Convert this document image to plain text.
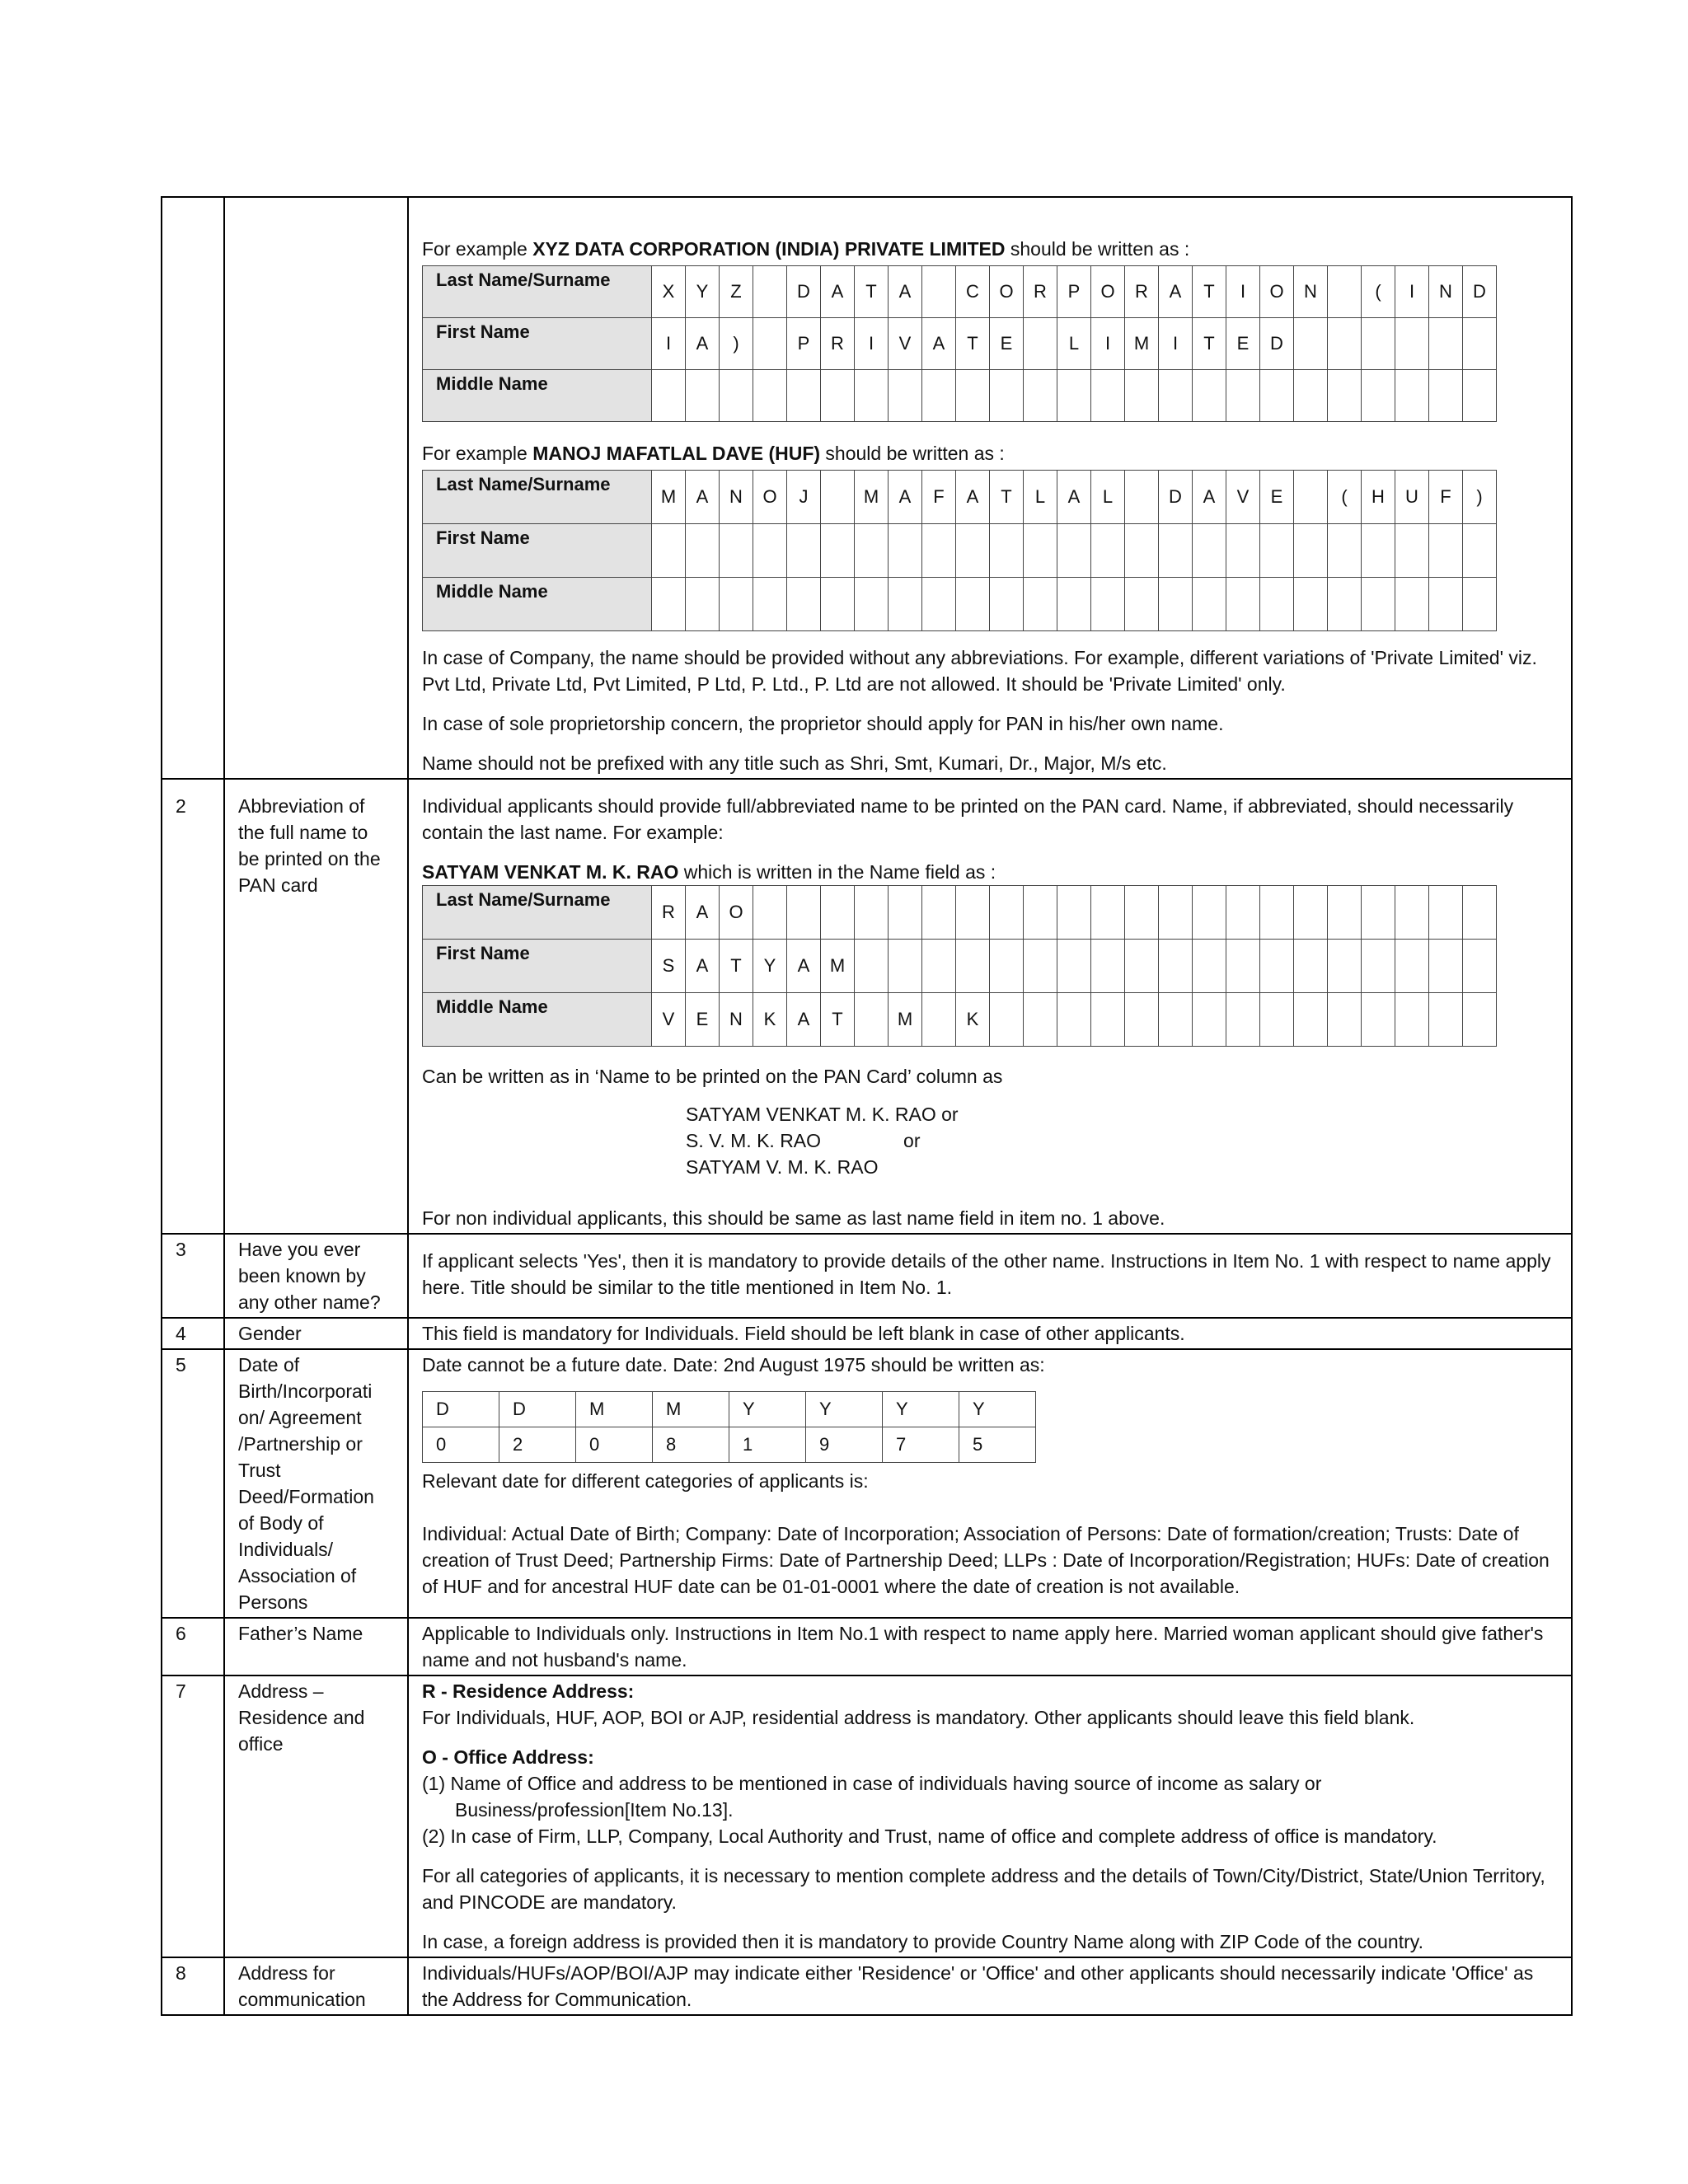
For example XYZ DATA CORPORATION (INDIA) PRIVATE LIMITED should be written as :

Last Name/Surname	X	Y	Z		D	A	T	A		C	O	R	P	O	R	A	T	I	O	N		(	I	N	D
First Name	I	A	)		P	R	I	V	A	T	E		L	I	M	I	T	E	D						
Middle Name																									

For example MANOJ MAFATLAL DAVE (HUF) should be written as :

Last Name/Surname	M	A	N	O	J		M	A	F	A	T	L	A	L		D	A	V	E		(	H	U	F	)
First Name																									
Middle Name																									

In case of Company, the name should be provided without any abbreviations. For example, different variations of 'Private Limited' viz. Pvt Ltd, Private Ltd, Pvt Limited, P Ltd, P. Ltd., P. Ltd are not allowed. It should be 'Private Limited' only.

In case of sole proprietorship concern, the proprietor should apply for PAN in his/her own name.

Name should not be prefixed with any title such as Shri, Smt, Kumari, Dr., Major, M/s etc.

2	Abbreviation of the full name to be printed on the PAN card	

Individual applicants should provide full/abbreviated name to be printed on the PAN card. Name, if abbreviated, should necessarily contain the last name. For example:

SATYAM VENKAT M. K. RAO which is written in the Name field as :

Last Name/Surname	R	A	O																						
First Name	S	A	T	Y	A	M																			
Middle Name	V	E	N	K	A	T		M		K															

Can be written as in ‘Name to be printed on the PAN Card’ column as

SATYAM VENKAT M. K. RAO or

S. V. M. K. RAO	or

SATYAM V. M. K. RAO

For non individual applicants, this should be same as last name field in item no. 1 above.

3	Have you ever been known by any other name?	If applicant selects 'Yes', then it is mandatory to provide details of the other name. Instructions in Item No. 1 with respect to name apply here. Title should be similar to the title mentioned in Item No. 1.
4	Gender	This field is mandatory for Individuals. Field should be left blank in case of other applicants.
5	Date of Birth/Incorporati on/ Agreement /Partnership or Trust Deed/Formation of Body of Individuals/ Association of Persons	

Date cannot be a future date. Date: 2nd August 1975 should be written as:

D	D	M	M	Y	Y	Y	Y
0	2	0	8	1	9	7	5

Relevant date for different categories of applicants is:

Individual: Actual Date of Birth; Company: Date of Incorporation; Association of Persons: Date of formation/creation; Trusts: Date of creation of Trust Deed; Partnership Firms: Date of Partnership Deed; LLPs : Date of Incorporation/Registration; HUFs: Date of creation of HUF and for ancestral HUF date can be 01-01-0001 where the date of creation is not available.

6	Father’s Name	Applicable to Individuals only. Instructions in Item No.1 with respect to name apply here. Married woman applicant should give father's name and not husband's name.
7	Address – Residence and office	

R - Residence Address:

For Individuals, HUF, AOP, BOI or AJP, residential address is mandatory. Other applicants should leave this field blank.

O - Office Address:

(1) Name of Office and address to be mentioned in case of individuals having source of income as salary or

Business/profession[Item No.13].

(2) In case of Firm, LLP, Company, Local Authority and Trust, name of office and complete address of office is mandatory.

For all categories of applicants, it is necessary to mention complete address and the details of Town/City/District, State/Union Territory, and PINCODE are mandatory.

In case, a foreign address is provided then it is mandatory to provide Country Name along with ZIP Code of the country.

8	Address for communication	Individuals/HUFs/AOP/BOI/AJP may indicate either 'Residence' or 'Office' and other applicants should necessarily indicate 'Office' as the Address for Communication.
